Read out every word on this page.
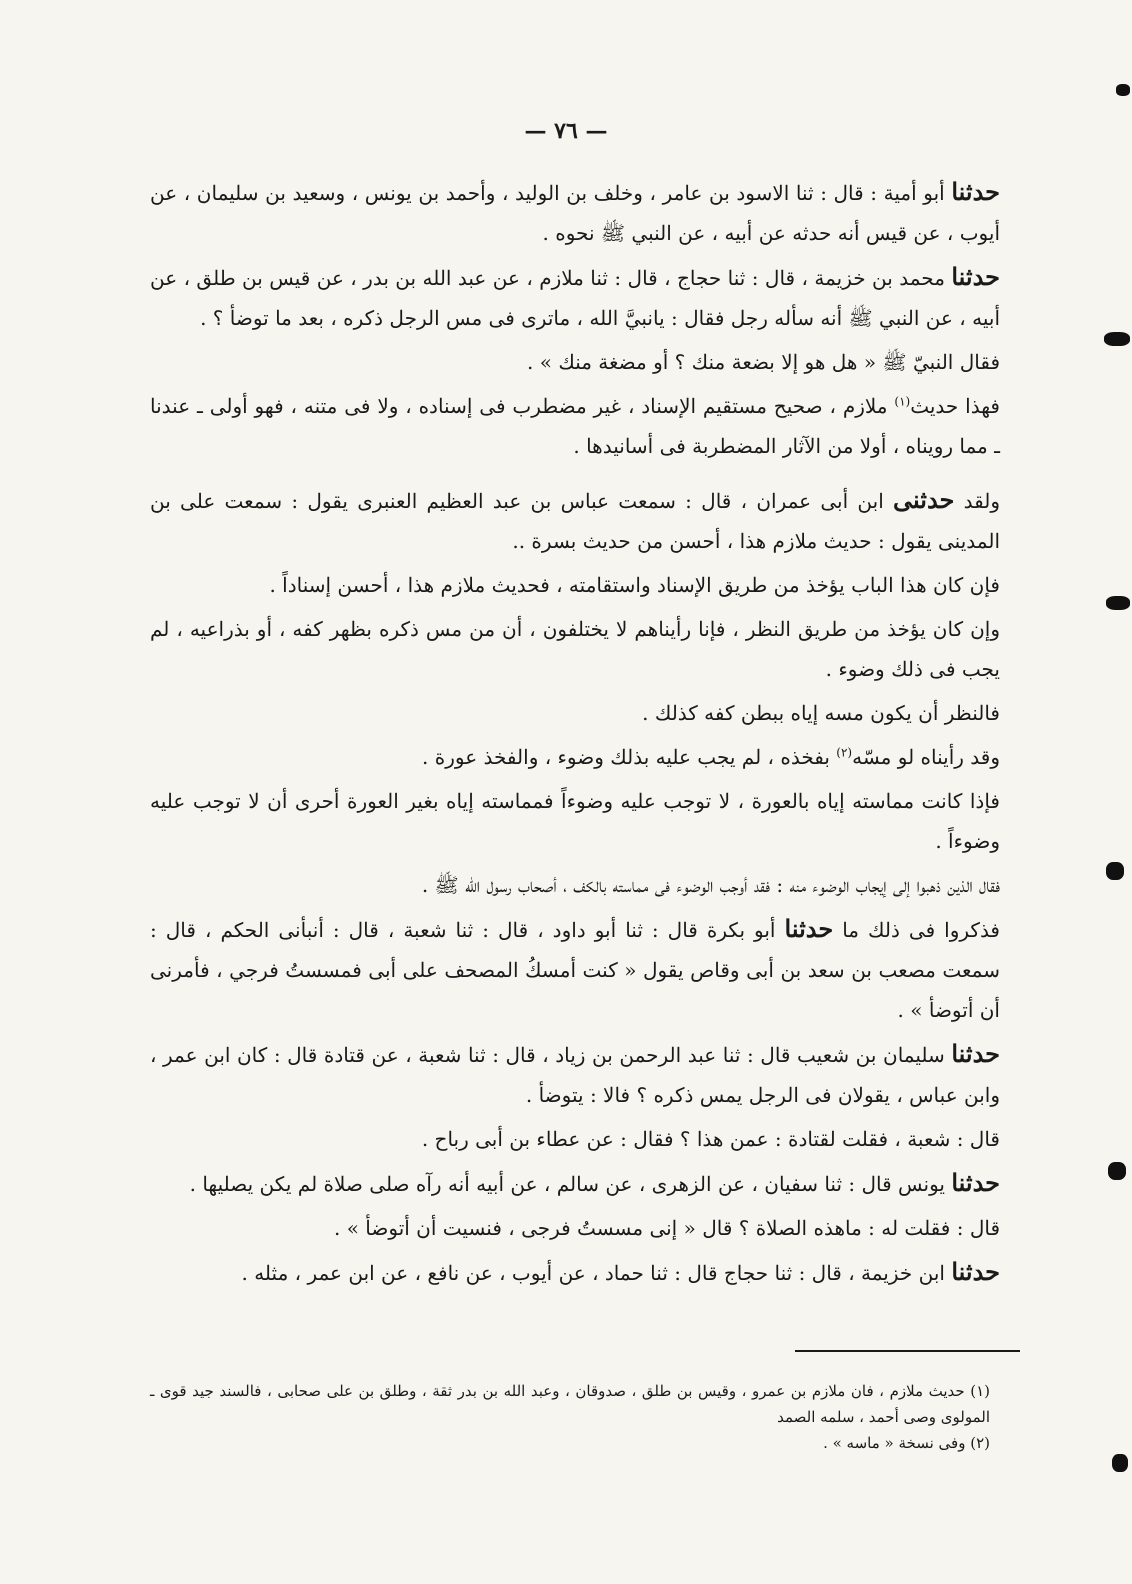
— ٧٦ —

حدثنا أبو أمية : قال : ثنا الاسود بن عامر ، وخلف بن الوليد ، وأحمد بن يونس ، وسعيد بن سليمان ، عن أيوب ، عن قيس أنه حدثه عن أبيه ، عن النبي ﷺ نحوه .

حدثنا محمد بن خزيمة ، قال : ثنا حجاج ، قال : ثنا ملازم ، عن عبد الله بن بدر ، عن قيس بن طلق ، عن أبيه ، عن النبي ﷺ أنه سأله رجل فقال : يانبيَّ الله ، ماترى فى مس الرجل ذكره ، بعد ما توضأ ؟ .

فقال النبيّ ﷺ « هل هو إلا بضعة منك ؟ أو مضغة منك » .

فهذا حديث$^{(١)}$ ملازم ، صحيح مستقيم الإسناد ، غير مضطرب فى إسناده ، ولا فى متنه ، فهو أولى ـ عندنا ـ مما رويناه ، أولا من الآثار المضطربة فى أسانيدها .

ولقد حدثنى ابن أبى عمران ، قال : سمعت عباس بن عبد العظيم العنبرى يقول : سمعت على بن المدينى يقول : حديث ملازم هذا ، أحسن من حديث بسرة ..

فإن كان هذا الباب يؤخذ من طريق الإسناد واستقامته ، فحديث ملازم هذا ، أحسن إسناداً .

وإن كان يؤخذ من طريق النظر ، فإنا رأيناهم لا يختلفون ، أن من مس ذكره بظهر كفه ، أو بذراعيه ، لم يجب فى ذلك وضوء .

فالنظر أن يكون مسه إياه ببطن كفه كذلك .

وقد رأيناه لو مسّه$^{(٢)}$ بفخذه ، لم يجب عليه بذلك وضوء ، والفخذ عورة .

فإذا كانت مماسته إياه بالعورة ، لا توجب عليه وضوءاً فمماسته إياه بغير العورة أحرى أن لا توجب عليه وضوءاً .

فقال الذين ذهبوا إلى إيجاب الوضوء منه : فقد أوجب الوضوء فى مماسته بالكف ، أصحاب رسول الله ﷺ .

فذكروا فى ذلك ما حدثنا أبو بكرة قال : ثنا أبو داود ، قال : ثنا شعبة ، قال : أنبأنى الحكم ، قال : سمعت مصعب بن سعد بن أبى وقاص يقول « كنت أمسكُ المصحف على أبى فمسستُ فرجي ، فأمرنى أن أتوضأ » .

حدثنا سليمان بن شعيب قال : ثنا عبد الرحمن بن زياد ، قال : ثنا شعبة ، عن قتادة قال : كان ابن عمر ، وابن عباس ، يقولان فى الرجل يمس ذكره ؟ فالا : يتوضأ .

قال : شعبة ، فقلت لقتادة : عمن هذا ؟ فقال : عن عطاء بن أبى رباح .

حدثنا يونس قال : ثنا سفيان ، عن الزهرى ، عن سالم ، عن أبيه أنه رآه صلى صلاة لم يكن يصليها .

قال : فقلت له : ماهذه الصلاة ؟ قال « إنى مسستُ فرجى ، فنسيت أن أتوضأ » .

حدثنا ابن خزيمة ، قال : ثنا حجاج قال : ثنا حماد ، عن أيوب ، عن نافع ، عن ابن عمر ، مثله .

(١) حديث ملازم ، فان ملازم بن عمرو ، وقيس بن طلق ، صدوقان ، وعبد الله بن بدر ثقة ، وطلق بن على صحابى ، فالسند جيد قوى ـ المولوى وصى أحمد ، سلمه الصمد

(٢) وفى نسخة « ماسه » .
